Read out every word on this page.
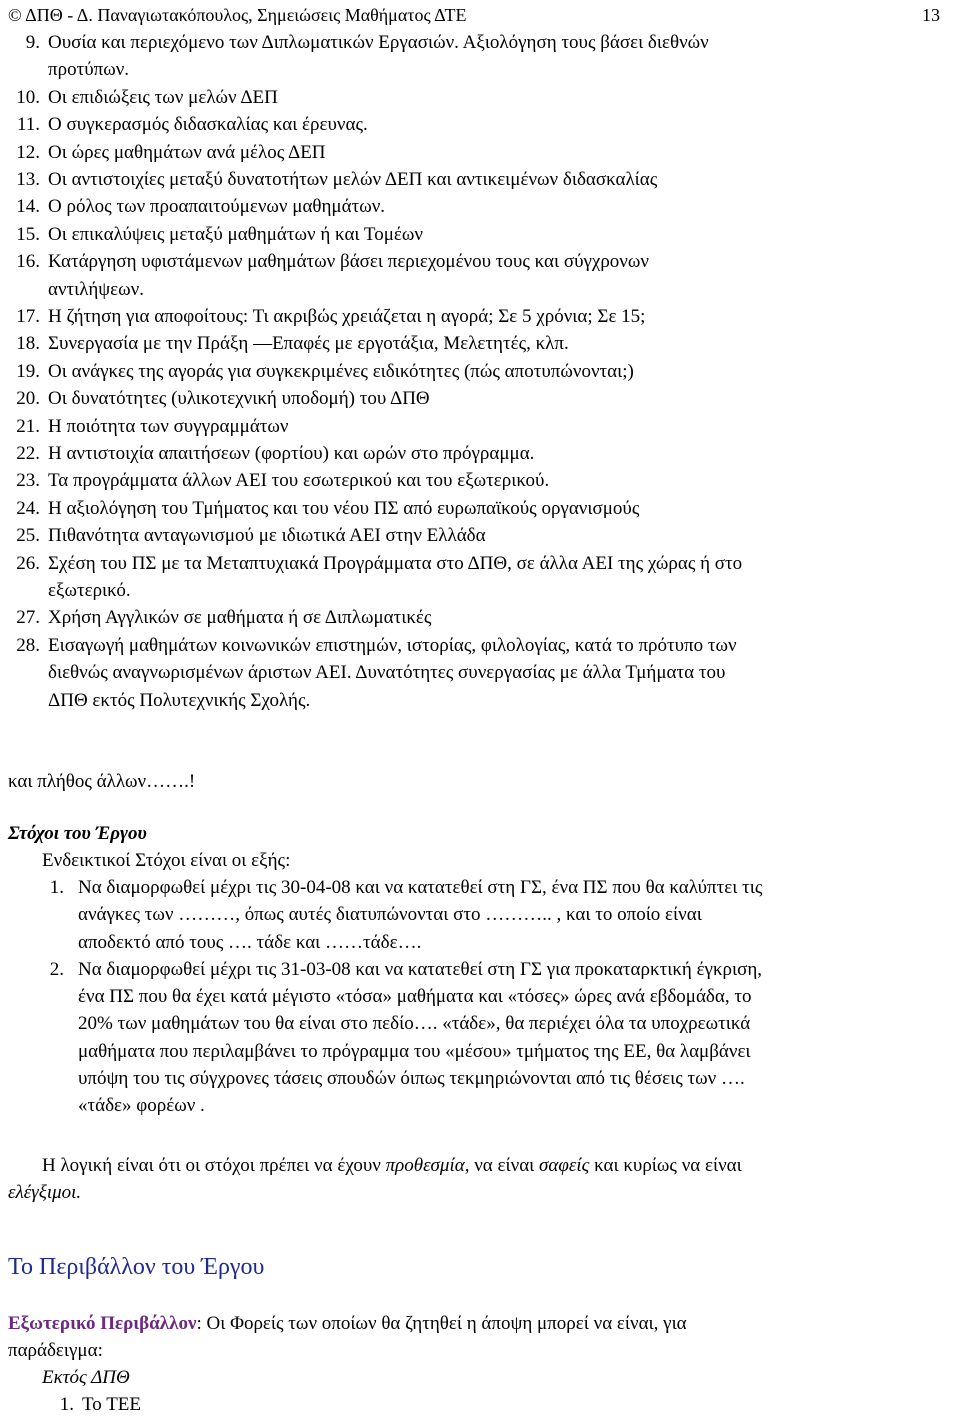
© ΔΠΘ - Δ. Παναγιωτακόπουλος, Σημειώσεις Μαθήματος ΔΤΕ	13
9. Ουσία και περιεχόμενο των Διπλωματικών Εργασιών. Αξιολόγηση τους βάσει διεθνών
προτύπων.
10. Οι επιδιώξεις των μελών ΔΕΠ
11. Ο συγκερασμός διδασκαλίας και έρευνας.
12. Οι ώρες μαθημάτων ανά μέλος ΔΕΠ
13. Οι αντιστοιχίες μεταξύ δυνατοτήτων μελών ΔΕΠ και αντικειμένων διδασκαλίας
14. Ο ρόλος των προαπαιτούμενων μαθημάτων.
15. Οι επικαλύψεις μεταξύ μαθημάτων ή και Τομέων
16. Κατάργηση υφιστάμενων μαθημάτων βάσει περιεχομένου τους και σύγχρονων
αντιλήψεων.
17. Η ζήτηση για αποφοίτους: Τι ακριβώς χρειάζεται η αγορά; Σε 5 χρόνια; Σε 15;
18. Συνεργασία με την Πράξη —Επαφές με εργοτάξια, Μελετητές, κλπ.
19. Οι ανάγκες της αγοράς για συγκεκριμένες ειδικότητες (πώς αποτυπώνονται;)
20. Οι δυνατότητες (υλικοτεχνική υποδομή) του ΔΠΘ
21. Η ποιότητα των συγγραμμάτων
22. Η αντιστοιχία απαιτήσεων (φορτίου) και ωρών στο πρόγραμμα.
23. Τα προγράμματα άλλων ΑΕΙ του εσωτερικού και του εξωτερικού.
24. Η αξιολόγηση του Τμήματος και του νέου ΠΣ από ευρωπαϊκούς οργανισμούς
25. Πιθανότητα ανταγωνισμού με ιδιωτικά ΑΕΙ στην Ελλάδα
26. Σχέση του ΠΣ με τα Μεταπτυχιακά Προγράμματα στο ΔΠΘ, σε άλλα ΑΕΙ της χώρας ή στο
εξωτερικό.
27. Χρήση Αγγλικών σε μαθήματα ή σε Διπλωματικές
28. Εισαγωγή μαθημάτων κοινωνικών επιστημών, ιστορίας, φιλολογίας, κατά το πρότυπο των
διεθνώς αναγνωρισμένων άριστων ΑΕΙ. Δυνατότητες συνεργασίας με άλλα Τμήματα του
ΔΠΘ εκτός Πολυτεχνικής Σχολής.
και πλήθος άλλων…….!
Στόχοι του Έργου
Ενδεικτικοί Στόχοι είναι οι εξής:
1. Να διαμορφωθεί μέχρι τις 30-04-08 και να κατατεθεί στη ΓΣ, ένα ΠΣ που θα καλύπτει τις
ανάγκες των ………, όπως αυτές διατυπώνονται στο ……….. , και το οποίο είναι
αποδεκτό από τους …. τάδε και ……τάδε….
2. Να διαμορφωθεί μέχρι τις 31-03-08 και να κατατεθεί στη ΓΣ για προκαταρκτική έγκριση,
ένα ΠΣ που θα έχει κατά μέγιστο «τόσα» μαθήματα και «τόσες» ώρες ανά εβδομάδα, το
20% των μαθημάτων του θα είναι στο πεδίο…. «τάδε», θα περιέχει όλα τα υποχρεωτικά
μαθήματα που περιλαμβάνει το πρόγραμμα του «μέσου» τμήματος της ΕΕ, θα λαμβάνει
υπόψη του τις σύγχρονες τάσεις σπουδών όιπως τεκμηριώνονται από τις θέσεις των ….
«τάδε» φορέων .
Η λογική είναι ότι οι στόχοι πρέπει να έχουν προθεσμία, να είναι σαφείς και κυρίως να είναι
ελέγξιμοι.
Το Περιβάλλον του Έργου
Εξωτερικό Περιβάλλον: Οι Φορείς των οποίων θα ζητηθεί η άποψη μπορεί να είναι, για
παράδειγμα:
Εκτός ΔΠΘ
1. Το ΤΕΕ
